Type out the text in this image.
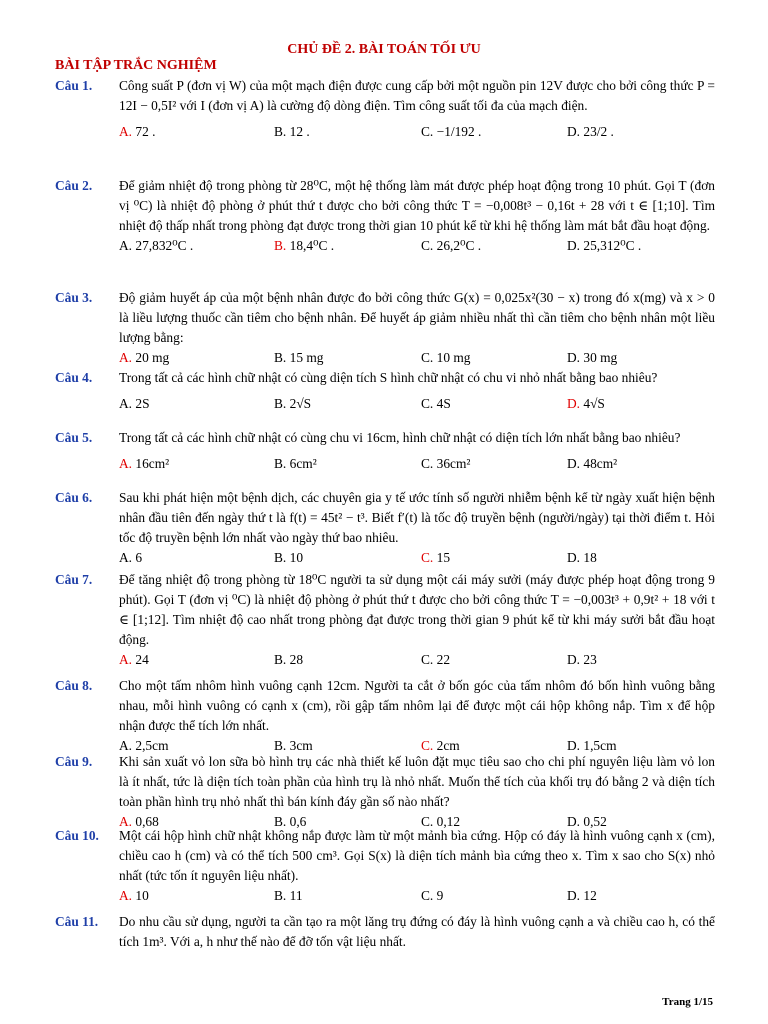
CHỦ ĐỀ 2. BÀI TOÁN TỐI ƯU
BÀI TẬP TRẮC NGHIỆM
Câu 1.	Công suất P (đơn vị W) của một mạch điện được cung cấp bởi một nguồn pin 12V được cho bởi công thức P = 12I − 0,5I² với I (đơn vị A) là cường độ dòng điện. Tìm công suất tối đa của mạch điện.
A. 72 .	B. 12 .	C. −1/192 .	D. 23/2 .
Câu 2.	Để giảm nhiệt độ trong phòng từ 28⁰C, một hệ thống làm mát được phép hoạt động trong 10 phút. Gọi T (đơn vị ⁰C) là nhiệt độ phòng ở phút thứ t được cho bởi công thức T = −0,008t³ − 0,16t + 28 với t ∈ [1;10]. Tìm nhiệt độ thấp nhất trong phòng đạt được trong thời gian 10 phút kể từ khi hệ thống làm mát bắt đầu hoạt động.
A. 27,832⁰C .	B. 18,4⁰C .	C. 26,2⁰C .	D. 25,312⁰C .
Câu 3.	Độ giảm huyết áp của một bệnh nhân được đo bởi công thức G(x) = 0,025x²(30 − x) trong đó x(mg) và x > 0 là liều lượng thuốc cần tiêm cho bệnh nhân. Để huyết áp giảm nhiều nhất thì cần tiêm cho bệnh nhân một liều lượng bằng:
A. 20 mg	B. 15 mg	C. 10 mg	D. 30 mg
Câu 4.	Trong tất cả các hình chữ nhật có cùng diện tích S hình chữ nhật có chu vi nhỏ nhất bằng bao nhiêu?
A. 2S	B. 2√S	C. 4S	D. 4√S
Câu 5.	Trong tất cả các hình chữ nhật có cùng chu vi 16cm, hình chữ nhật có diện tích lớn nhất bằng bao nhiêu?
A. 16cm²	B. 6cm²	C. 36cm²	D. 48cm²
Câu 6.	Sau khi phát hiện một bệnh dịch, các chuyên gia y tế ước tính số người nhiễm bệnh kể từ ngày xuất hiện bệnh nhân đầu tiên đến ngày thứ t là f(t) = 45t² − t³. Biết f′(t) là tốc độ truyền bệnh (người/ngày) tại thời điểm t. Hỏi tốc độ truyền bệnh lớn nhất vào ngày thứ bao nhiêu.
A. 6	B. 10	C. 15	D. 18
Câu 7.	Để tăng nhiệt độ trong phòng từ 18⁰C người ta sử dụng một cái máy sưởi (máy được phép hoạt động trong 9 phút). Gọi T (đơn vị ⁰C) là nhiệt độ phòng ở phút thứ t được cho bởi công thức T = −0,003t³ + 0,9t² + 18 với t ∈ [1;12]. Tìm nhiệt độ cao nhất trong phòng đạt được trong thời gian 9 phút kể từ khi máy sưởi bắt đầu hoạt động.
A. 24	B. 28	C. 22	D. 23
Câu 8.	Cho một tấm nhôm hình vuông cạnh 12cm. Người ta cắt ở bốn góc của tấm nhôm đó bốn hình vuông bằng nhau, mỗi hình vuông có cạnh x (cm), rồi gập tấm nhôm lại để được một cái hộp không nắp. Tìm x để hộp nhận được thể tích lớn nhất.
A. 2,5cm	B. 3cm	C. 2cm	D. 1,5cm
Câu 9.	Khi sản xuất vỏ lon sữa bò hình trụ các nhà thiết kế luôn đặt mục tiêu sao cho chi phí nguyên liệu làm vỏ lon là ít nhất, tức là diện tích toàn phần của hình trụ là nhỏ nhất. Muốn thể tích của khối trụ đó bằng 2 và diện tích toàn phần hình trụ nhỏ nhất thì bán kính đáy gần số nào nhất?
A. 0,68	B. 0,6	C. 0,12	D. 0,52
Câu 10.	Một cái hộp hình chữ nhật không nắp được làm từ một mảnh bìa cứng. Hộp có đáy là hình vuông cạnh x (cm), chiều cao h (cm) và có thể tích 500 cm³. Gọi S(x) là diện tích mảnh bìa cứng theo x. Tìm x sao cho S(x) nhỏ nhất (tức tốn ít nguyên liệu nhất).
A. 10	B. 11	C. 9	D. 12
Câu 11.	Do nhu cầu sử dụng, người ta cần tạo ra một lăng trụ đứng có đáy là hình vuông cạnh a và chiều cao h, có thể tích 1m³. Với a, h như thế nào để đỡ tốn vật liệu nhất.
Trang 1/15
